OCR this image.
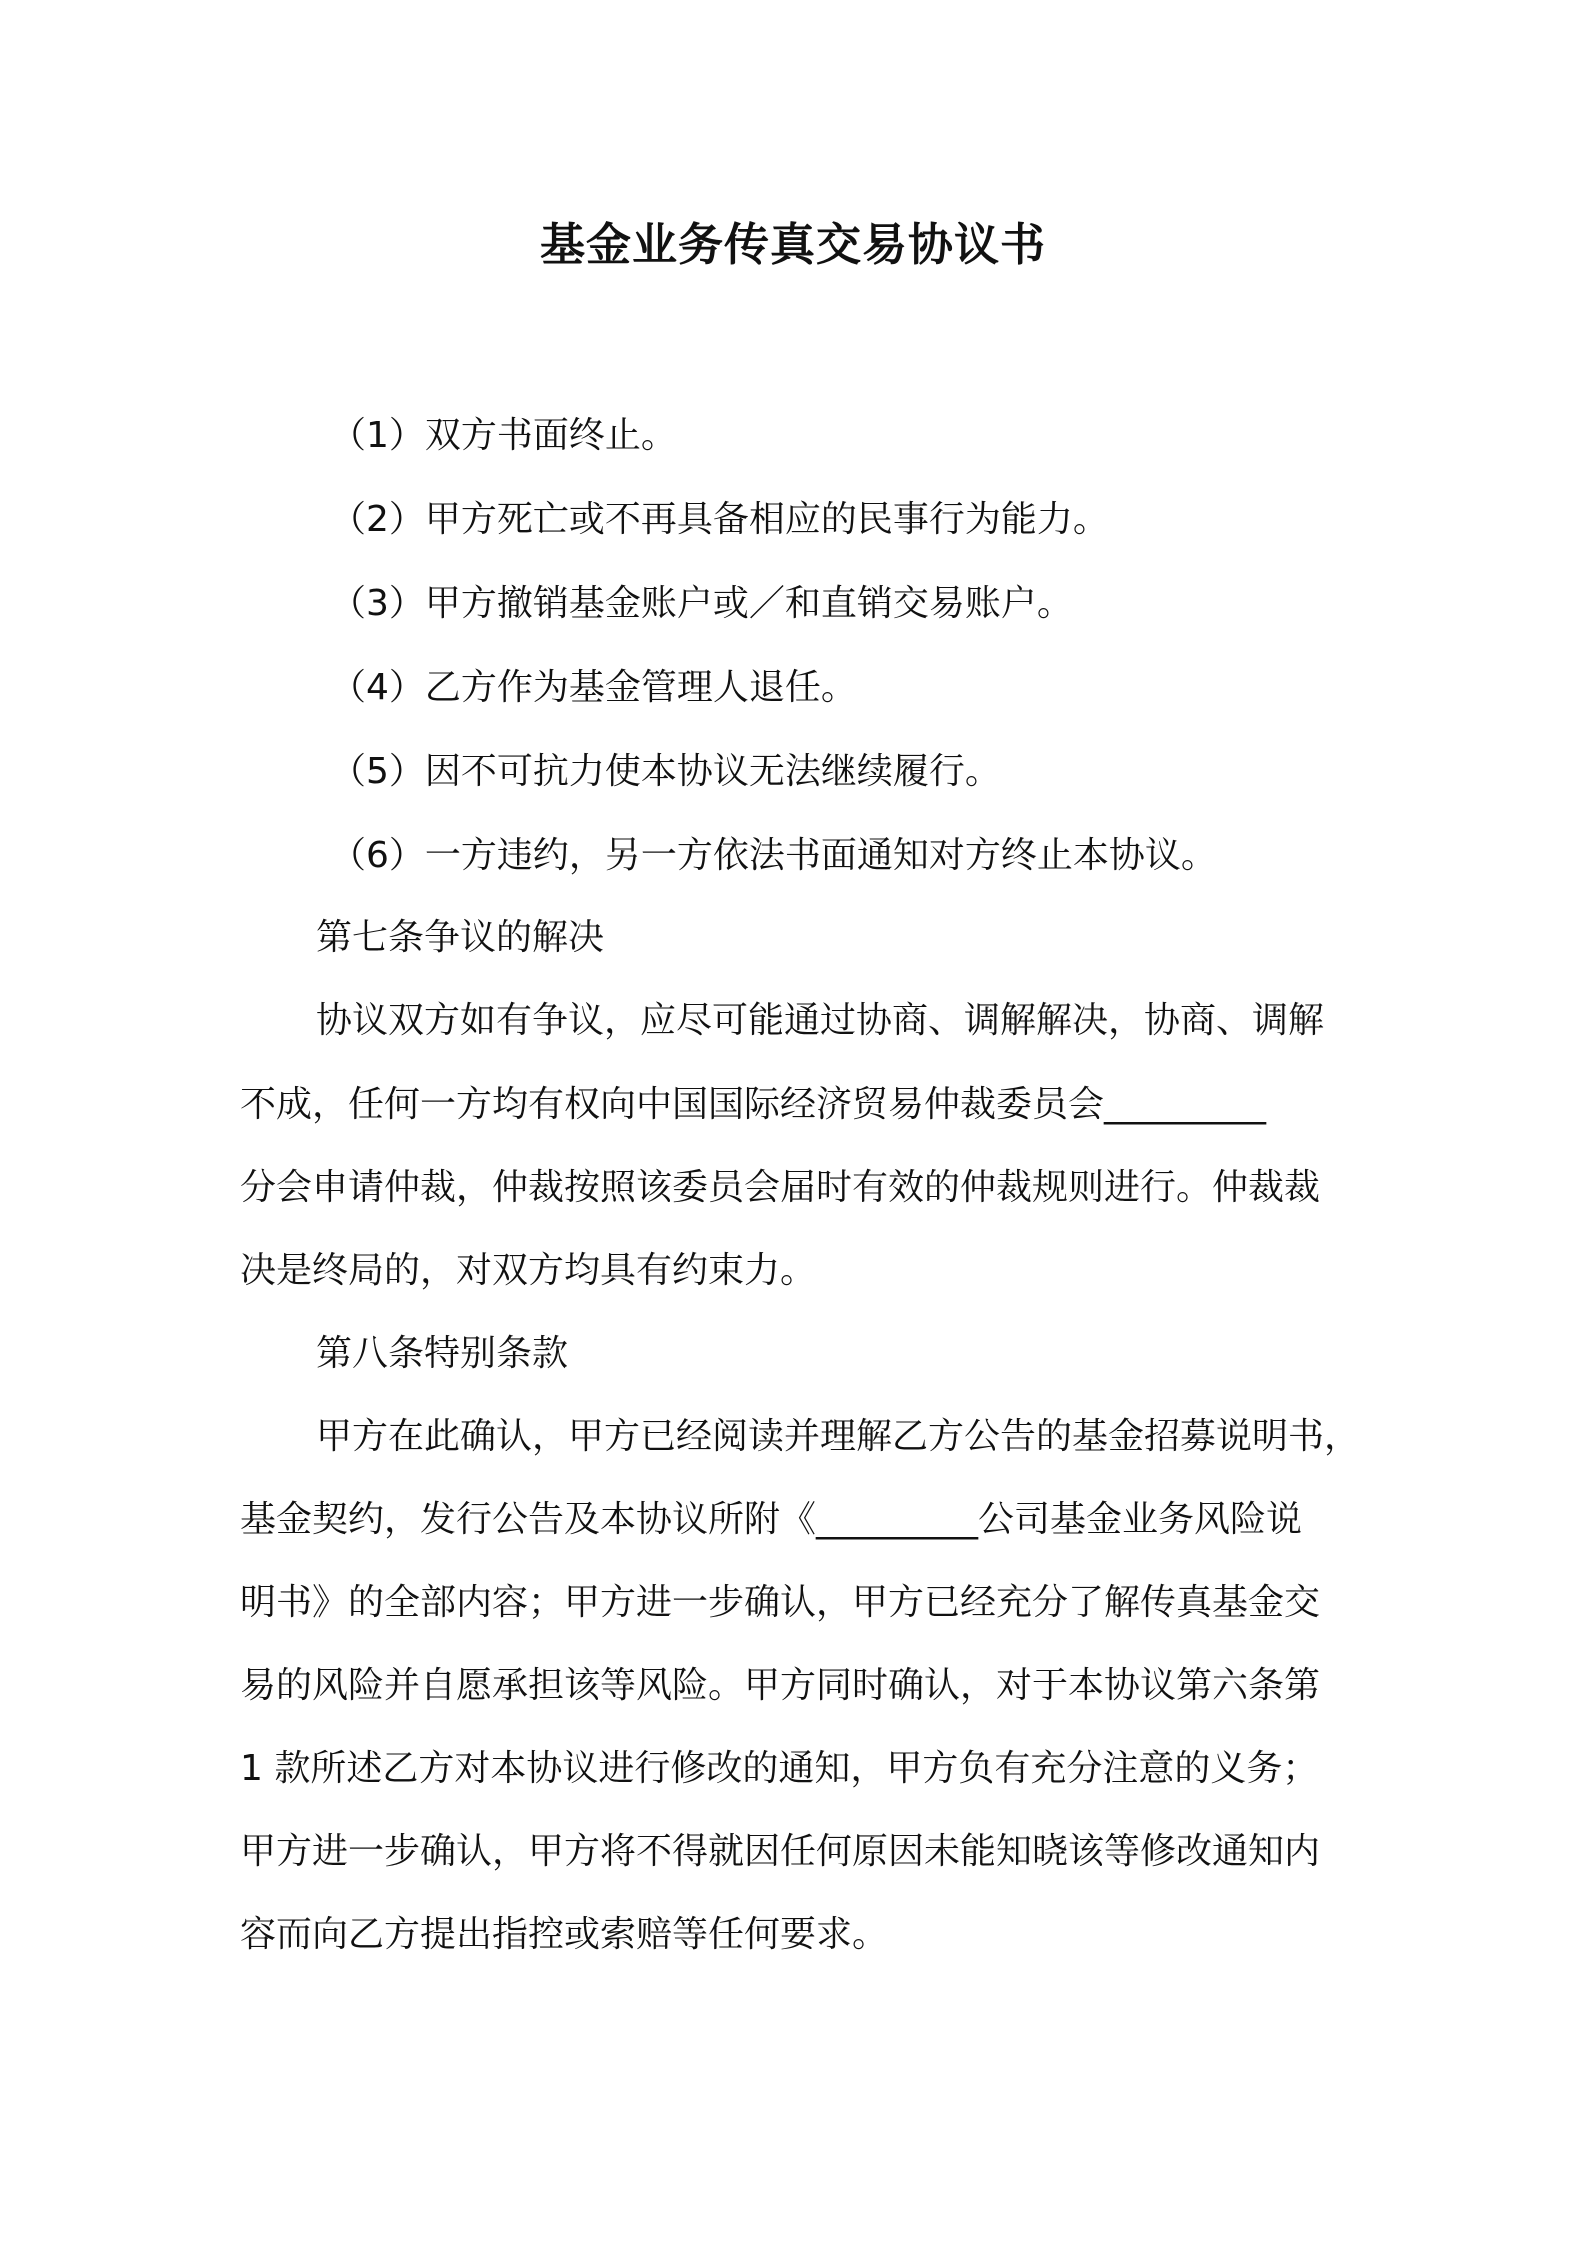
基金业务传真交易协议书
（1）双方书面终止。
（2）甲方死亡或不再具备相应的民事行为能力。
（3）甲方撤销基金账户或／和直销交易账户。
（4）乙方作为基金管理人退任。
（5）因不可抗力使本协议无法继续履行。
（6）一方违约，另一方依法书面通知对方终止本协议。
第七条争议的解决
协议双方如有争议，应尽可能通过协商、调解解决，协商、调解
不成，任何一方均有权向中国国际经济贸易仲裁委员会_________
分会申请仲裁，仲裁按照该委员会届时有效的仲裁规则进行。仲裁裁
决是终局的，对双方均具有约束力。
第八条特别条款
甲方在此确认，甲方已经阅读并理解乙方公告的基金招募说明书，
基金契约，发行公告及本协议所附《_________公司基金业务风险说
明书》的全部内容；甲方进一步确认，甲方已经充分了解传真基金交
易的风险并自愿承担该等风险。甲方同时确认，对于本协议第六条第
1 款所述乙方对本协议进行修改的通知，甲方负有充分注意的义务；
甲方进一步确认，甲方将不得就因任何原因未能知晓该等修改通知内
容而向乙方提出指控或索赔等任何要求。
